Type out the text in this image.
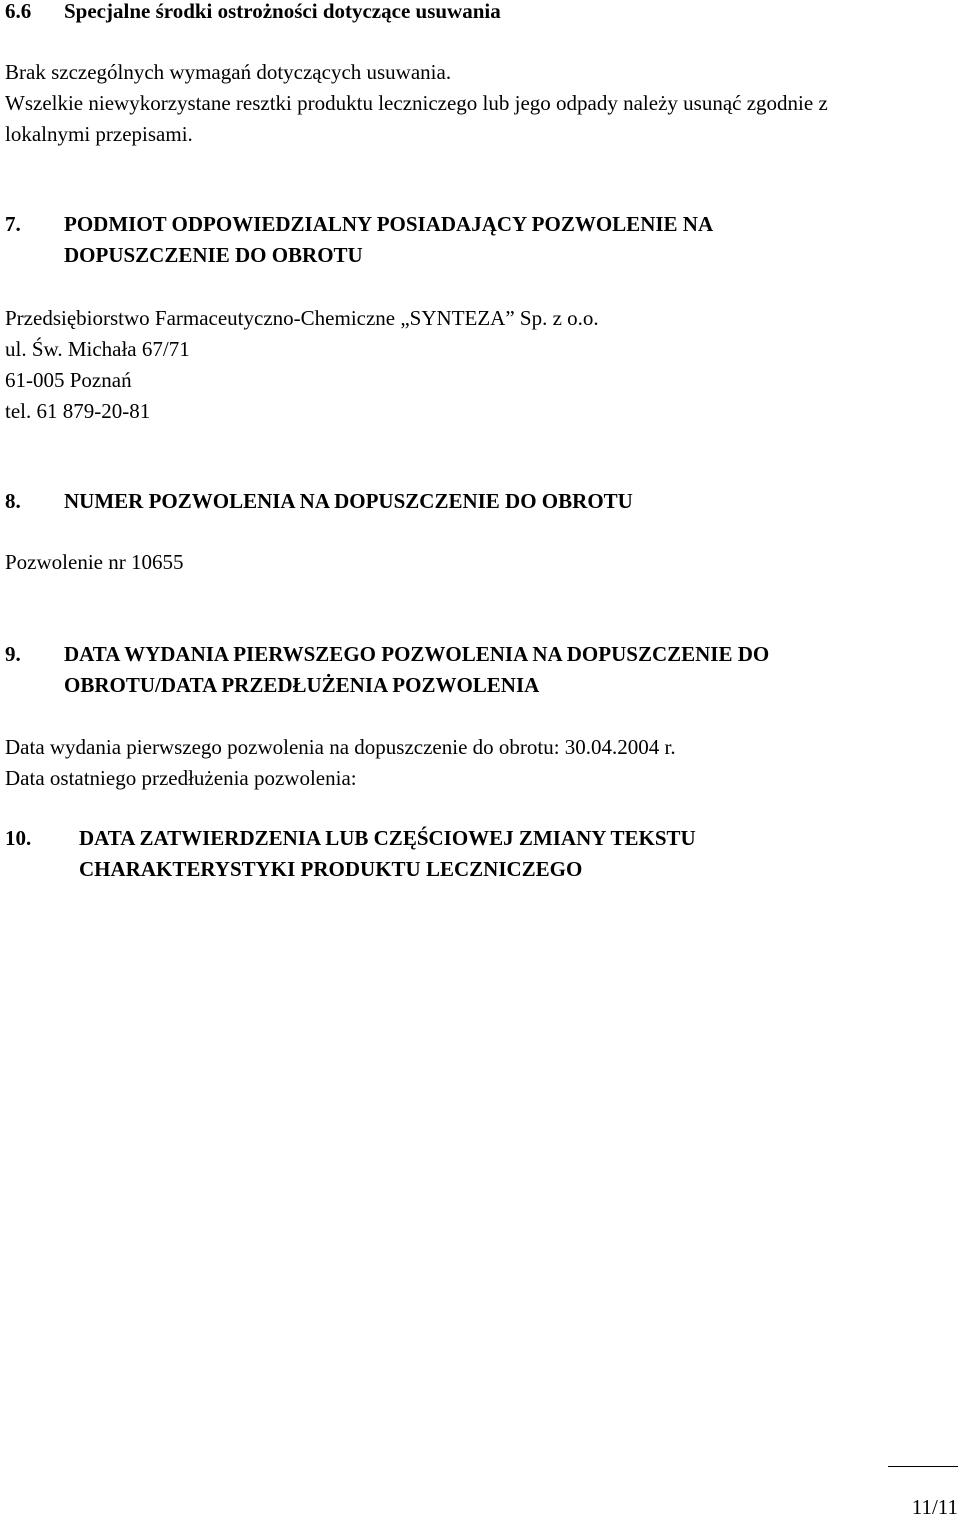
6.6	Specjalne środki ostrożności dotyczące usuwania
Brak szczególnych wymagań dotyczących usuwania.
Wszelkie niewykorzystane resztki produktu leczniczego lub jego odpady należy usunąć zgodnie z
lokalnymi przepisami.
7.	PODMIOT ODPOWIEDZIALNY POSIADAJĄCY POZWOLENIE NA
DOPUSZCZENIE DO OBROTU
Przedsiębiorstwo Farmaceutyczno-Chemiczne „SYNTEZA” Sp. z o.o.
ul. Św. Michała 67/71
61-005 Poznań
tel. 61 879-20-81
8.	NUMER POZWOLENIA NA DOPUSZCZENIE DO OBROTU
Pozwolenie nr 10655
9.	DATA WYDANIA PIERWSZEGO POZWOLENIA NA DOPUSZCZENIE DO
OBROTU/DATA PRZEDŁUŻENIA POZWOLENIA
Data wydania pierwszego pozwolenia na dopuszczenie do obrotu: 30.04.2004 r.
Data ostatniego przedłużenia pozwolenia:
10.	DATA ZATWIERDZENIA LUB CZĘŚCIOWEJ ZMIANY TEKSTU
CHARAKTERYSTYKI PRODUKTU LECZNICZEGO
11/11
